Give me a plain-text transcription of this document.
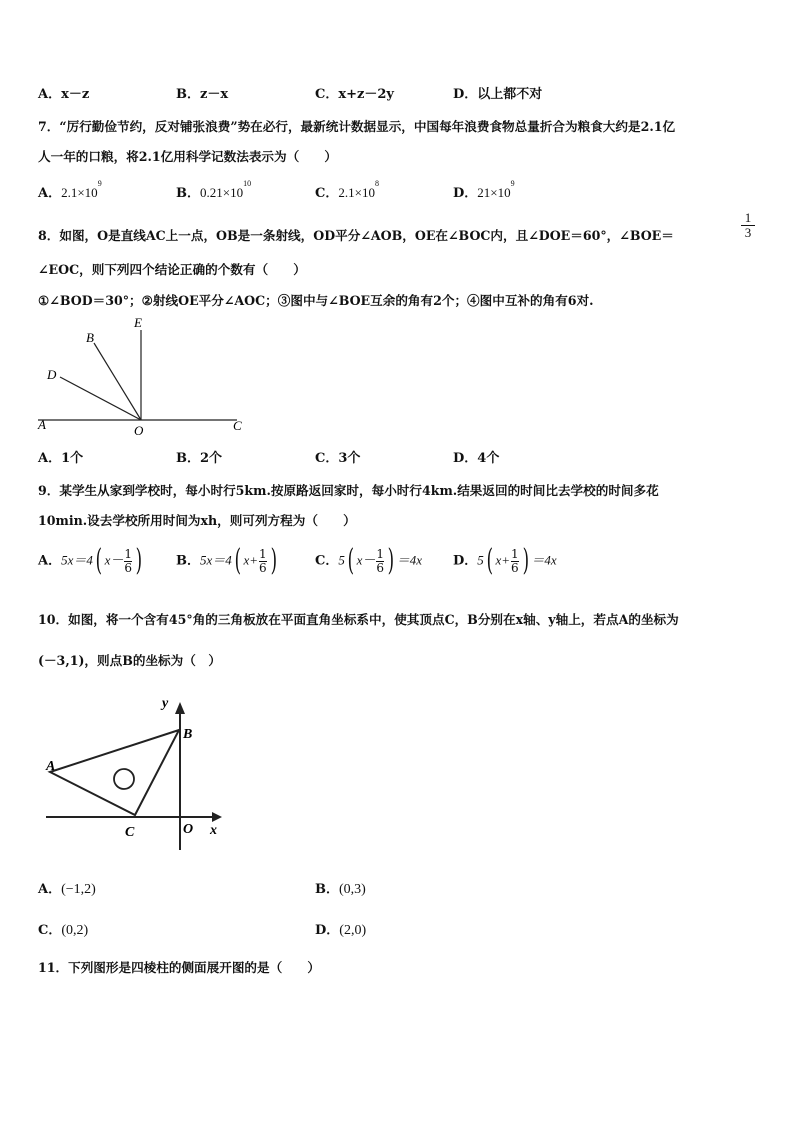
A．x－z	B．z－x	C．x+z－2y	D．以上都不对
7．“厉行勤俭节约，反对铺张浪费”势在必行，最新统计数据显示，中国每年浪费食物总量折合为粮食大约是2.1亿
人一年的口粮，将2.1亿用科学记数法表示为（　　）
A．$2.1\times 10^9$
B．$0.21\times 10^{10}$
C．$2.1\times 10^8$
D．$21\times 10^9$
8．如图，O是直线AC上一点，OB是一条射线，OD平分∠AOB，OE在∠BOC内，且∠DOE＝60°，∠BOE＝
1
3
∠EOC，则下列四个结论正确的个数有（　　）
①∠BOD＝30°；②射线OE平分∠AOC；③图中与∠BOE互余的角有2个；④图中互补的角有6对.
E
B
D
A	O	C
A．1个	B．2个	C．3个	D．4个
9．某学生从家到学校时，每小时行5km.按原路返回家时，每小时行4km.结果返回的时间比去学校的时间多花
10min.设去学校所用时间为xh，则可列方程为（　　）
A．5x＝4( $x- \frac{1}{6}$ )	B．5x＝4( $x+ \frac{1}{6}$ )	C．5( $x- \frac{1}{6}$ ) ＝4x D．5( $x+ \frac{1}{6}$ ) ＝4x
10．如图，将一个含有45°角的三角板放在平面直角坐标系中，使其顶点C，B分别在x轴、y轴上，若点A的坐标为
(－3,1)，则点B的坐标为（　）
y
B
A
C	O x
A．(−1,2)	B．(0,3)
C．(0,2)	D．(2,0)
11．下列图形是四棱柱的侧面展开图的是（　　）
